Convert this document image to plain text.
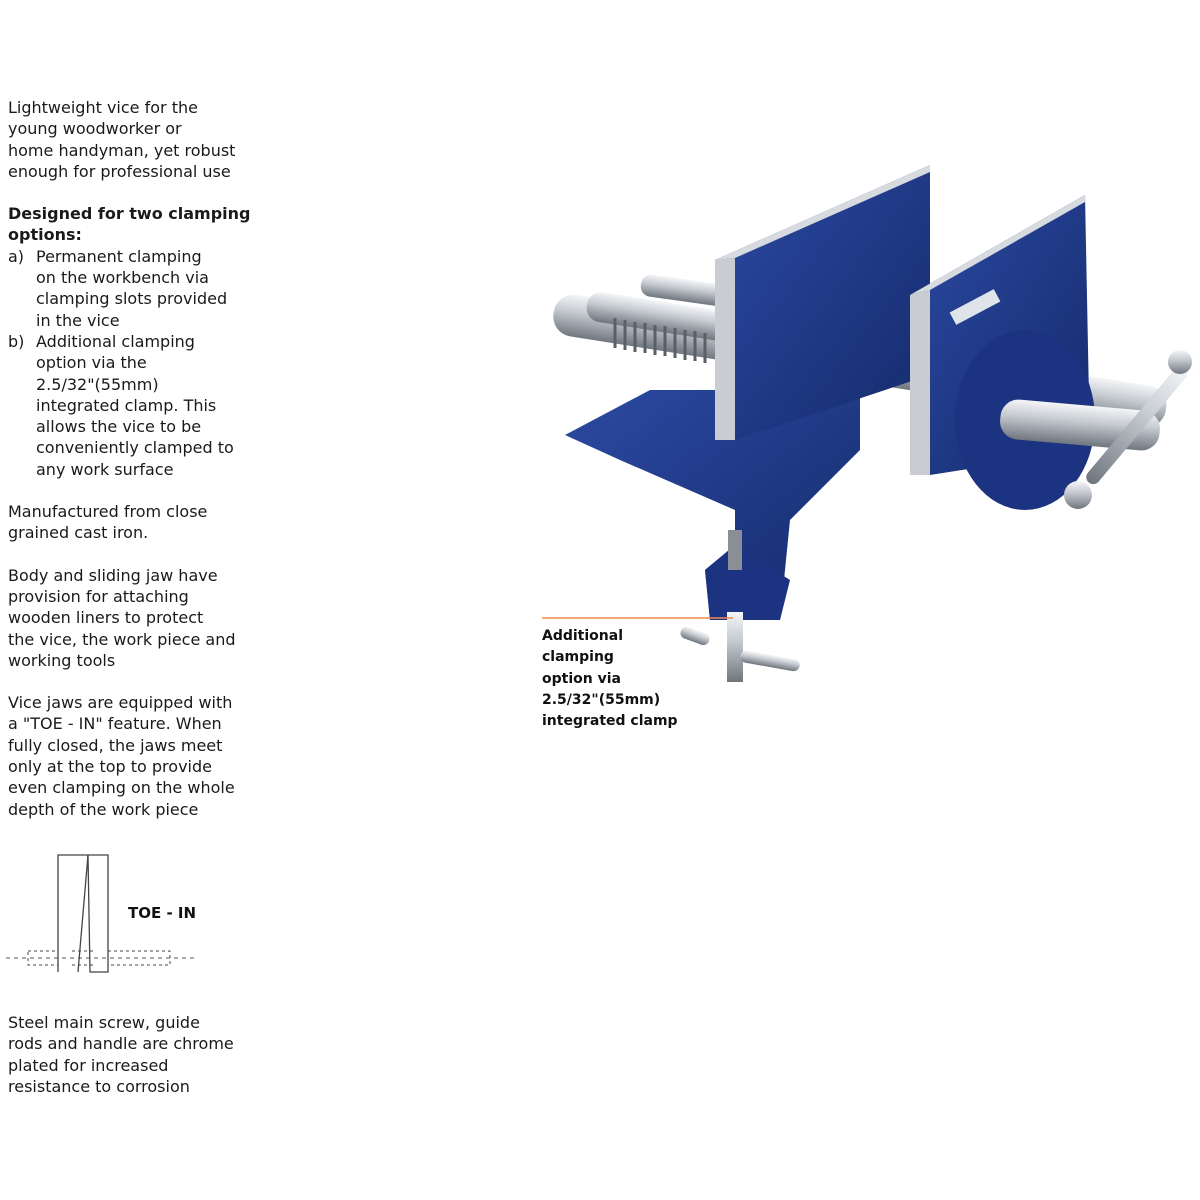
Lightweight vice for the
young woodworker or
home handyman, yet robust
enough for professional use

Designed for two clamping
options:

a) Permanent clamping
on the workbench via
clamping slots provided
in the vice
b) Additional clamping
option via the
2.5/32"(55mm)
integrated clamp. This
allows the vice to be
conveniently clamped to
any work surface

Manufactured from close
grained cast iron.

Body and sliding jaw have
provision for attaching
wooden liners to protect
the vice, the work piece and
working tools

Vice jaws are equipped with
a "TOE - IN" feature. When
fully closed, the jaws meet
only at the top to provide
even clamping on the whole
depth of the work piece

TOE - IN

Steel main screw, guide
rods and handle are chrome
plated for increased
resistance to corrosion

Additional
clamping
option via
2.5/32"(55mm)
integrated clamp
